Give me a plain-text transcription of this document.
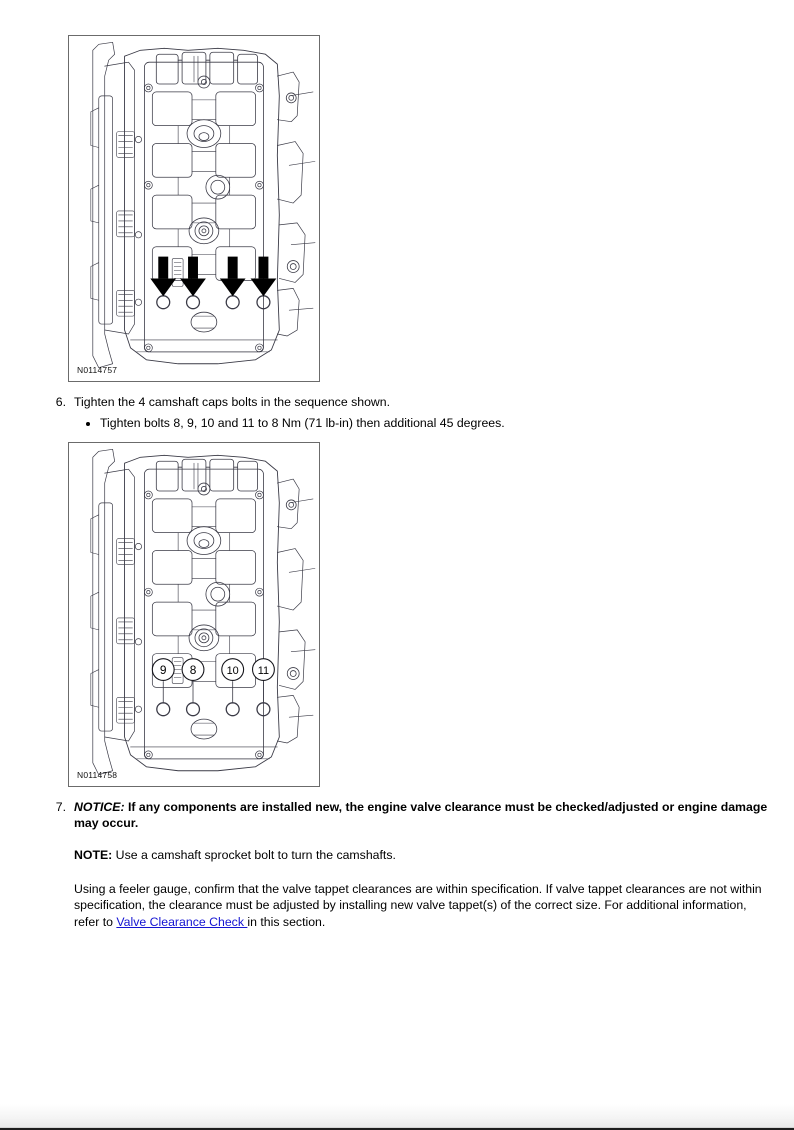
N0114757
6. Tighten the 4 camshaft caps bolts in the sequence shown.
Tighten bolts 8, 9, 10 and 11 to 8 Nm (71 lb-in) then additional 45 degrees.
9 8	10 11
N0114758
7. NOTICE: If any components are installed new, the engine valve clearance must be checked/adjusted or engine damage may occur.
NOTE: Use a camshaft sprocket bolt to turn the camshafts.
Using a feeler gauge, confirm that the valve tappet clearances are within specification. If valve tappet clearances are not within specification, the clearance must be adjusted by installing new valve tappet(s) of the correct size. For additional information, refer to Valve Clearance Check in this section.
